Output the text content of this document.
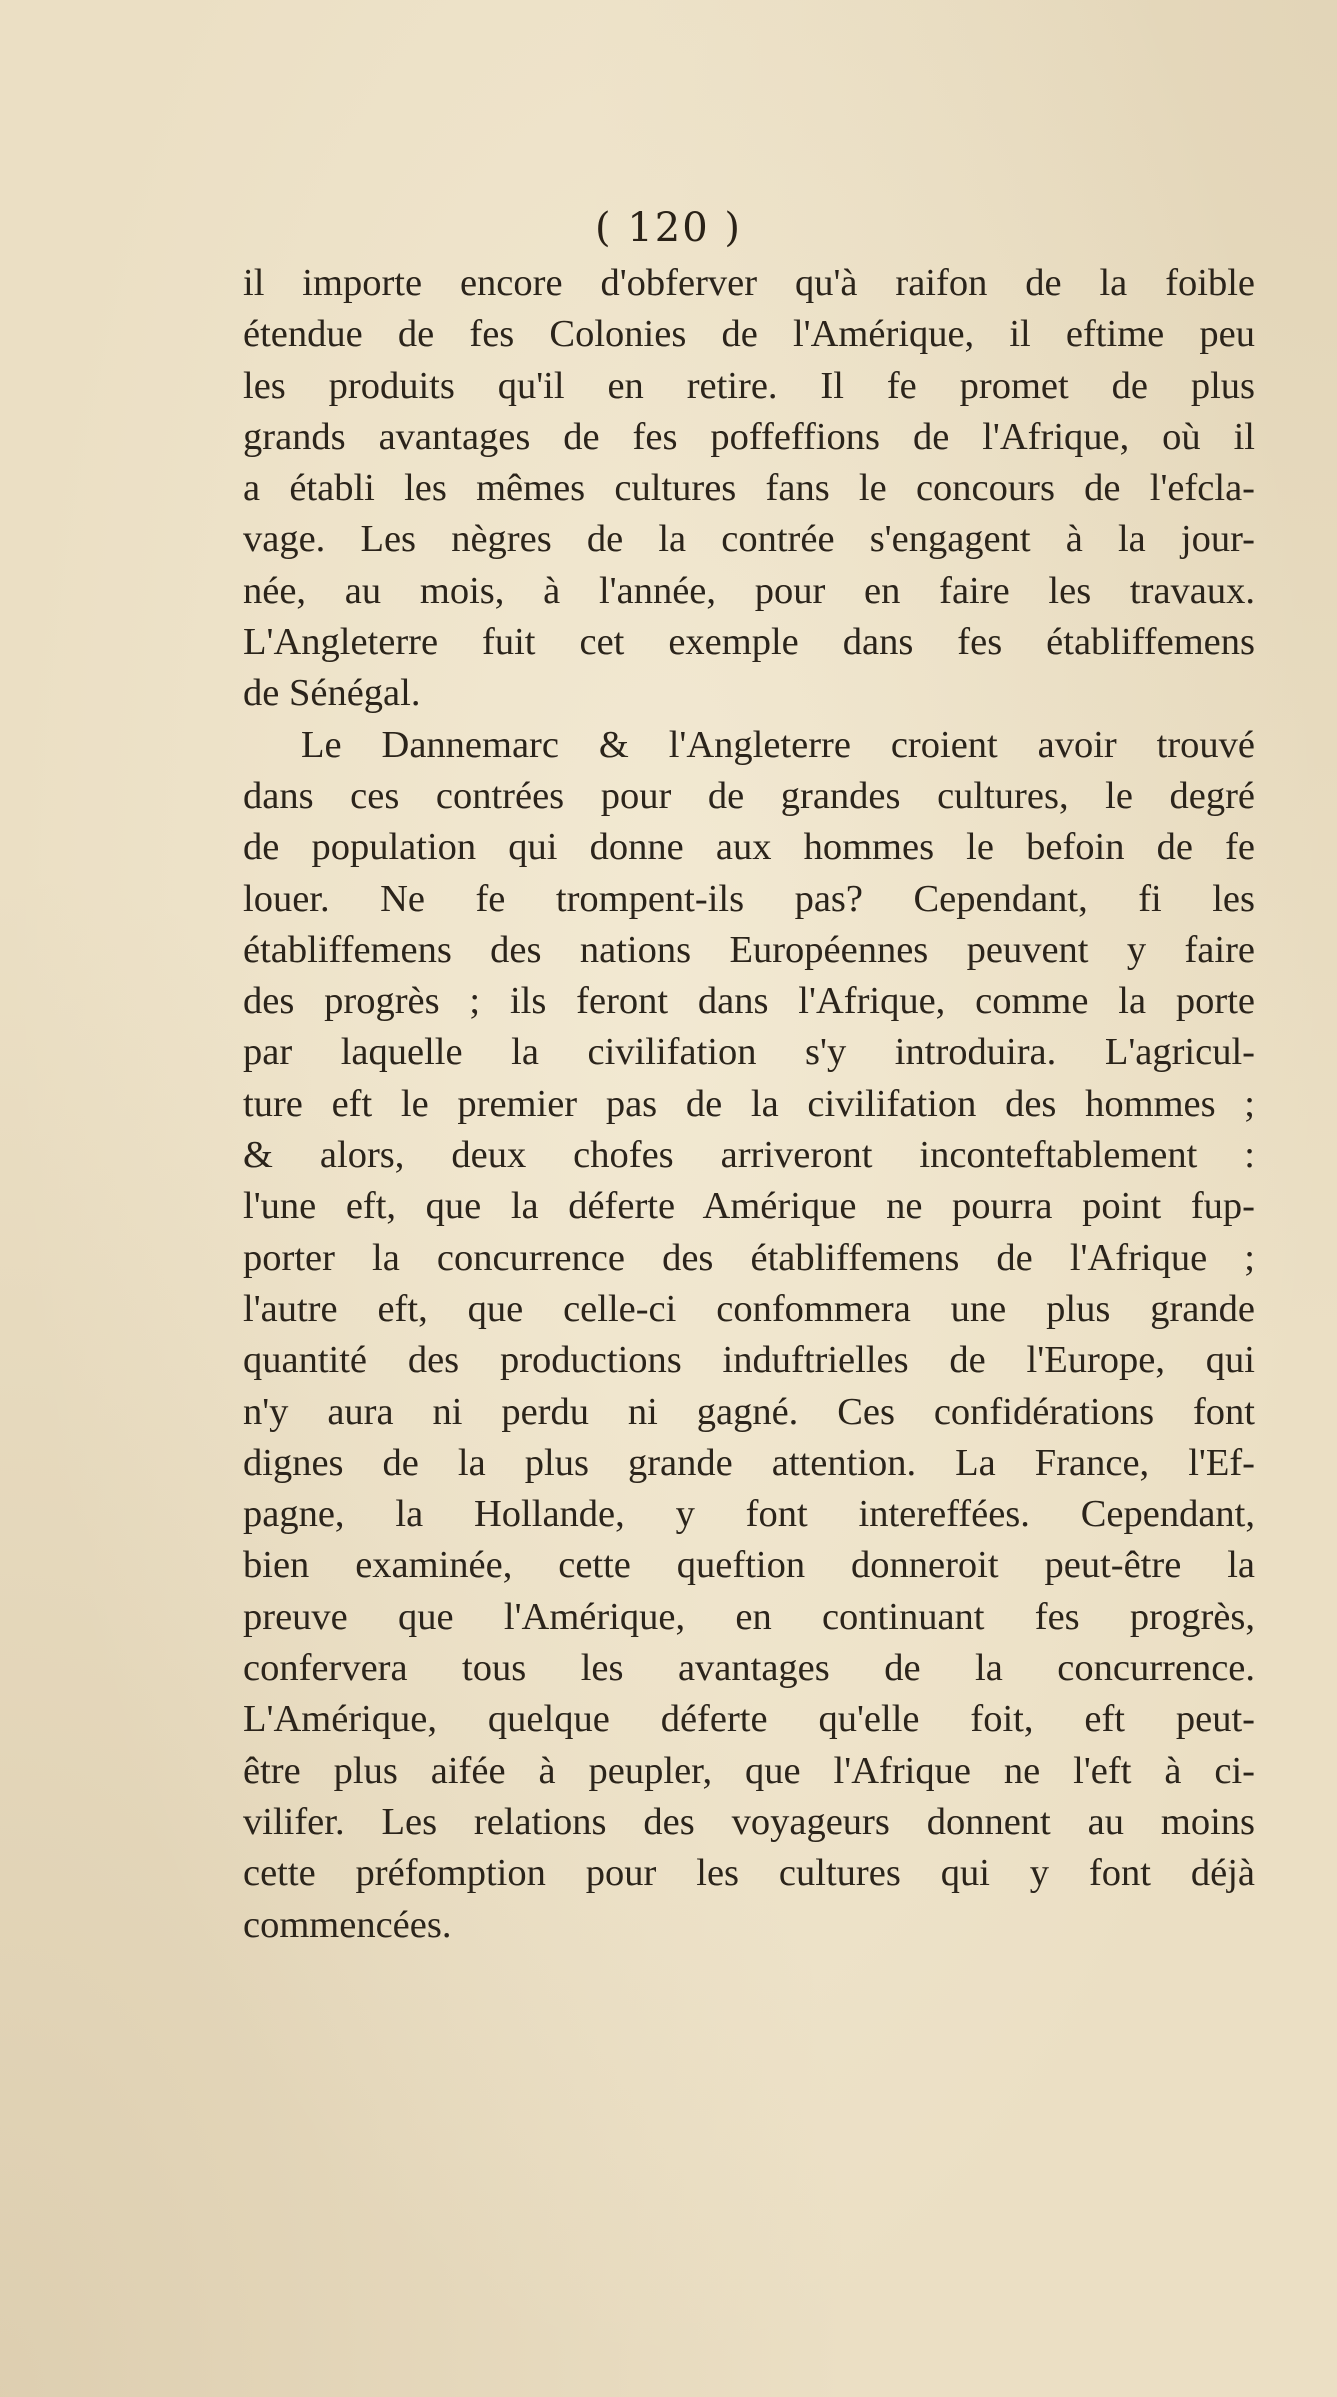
( 120 )
il importe encore d'obferver qu'à raifon de la foible
étendue de fes Colonies de l'Amérique, il eftime peu
les produits qu'il en retire. Il fe promet de plus
grands avantages de fes poffeffions de l'Afrique, où il
a établi les mêmes cultures fans le concours de l'efcla-
vage. Les nègres de la contrée s'engagent à la jour-
née, au mois, à l'année, pour en faire les travaux.
L'Angleterre fuit cet exemple dans fes établiffemens
de Sénégal.
Le Dannemarc & l'Angleterre croient avoir trouvé
dans ces contrées pour de grandes cultures, le degré
de population qui donne aux hommes le befoin de fe
louer. Ne fe trompent-ils pas? Cependant, fi les
établiffemens des nations Européennes peuvent y faire
des progrès ; ils feront dans l'Afrique, comme la porte
par laquelle la civilifation s'y introduira. L'agricul-
ture eft le premier pas de la civilifation des hommes ;
& alors, deux chofes arriveront inconteftablement :
l'une eft, que la déferte Amérique ne pourra point fup-
porter la concurrence des établiffemens de l'Afrique ;
l'autre eft, que celle-ci confommera une plus grande
quantité des productions induftrielles de l'Europe, qui
n'y aura ni perdu ni gagné. Ces confidérations font
dignes de la plus grande attention. La France, l'Ef-
pagne, la Hollande, y font intereffées. Cependant,
bien examinée, cette queftion donneroit peut-être la
preuve que l'Amérique, en continuant fes progrès,
confervera tous les avantages de la concurrence.
L'Amérique, quelque déferte qu'elle foit, eft peut-
être plus aifée à peupler, que l'Afrique ne l'eft à ci-
vilifer. Les relations des voyageurs donnent au moins
cette préfomption pour les cultures qui y font déjà
commencées.
